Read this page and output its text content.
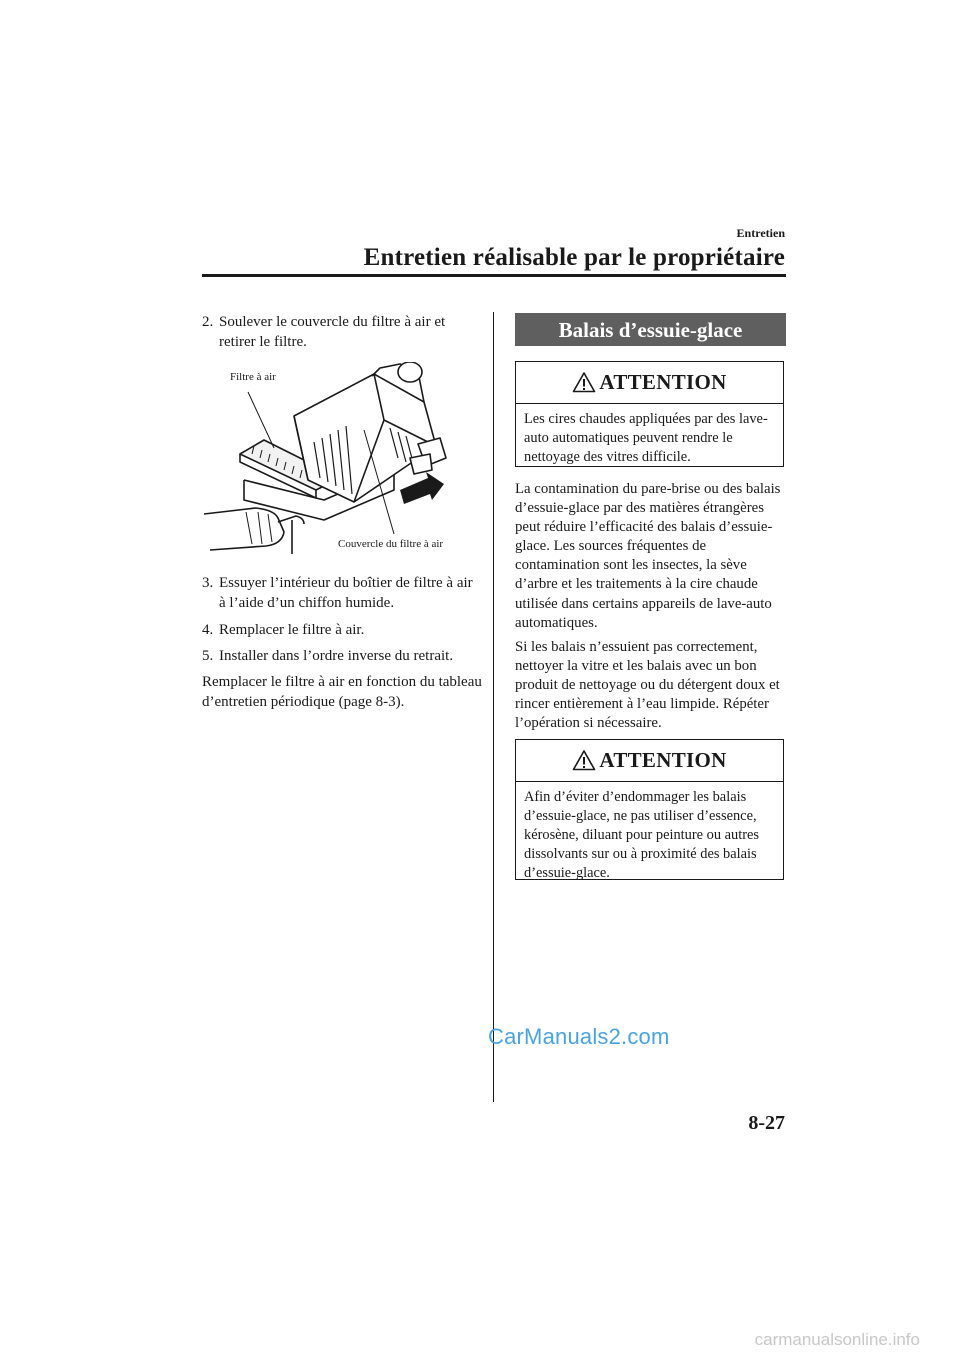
Entretien
Entretien réalisable par le propriétaire
2. Soulever le couvercle du filtre à air et retirer le filtre.
Filtre à air
Couvercle du filtre à air
3. Essuyer l’intérieur du boîtier de filtre à air à l’aide d’un chiffon humide.
4. Remplacer le filtre à air.
5. Installer dans l’ordre inverse du retrait.
Remplacer le filtre à air en fonction du tableau d’entretien périodique (page 8-3).
Balais d’essuie-glace
ATTENTION
Les cires chaudes appliquées par des lave-auto automatiques peuvent rendre le nettoyage des vitres difficile.
La contamination du pare-brise ou des balais d’essuie-glace par des matières étrangères peut réduire l’efficacité des balais d’essuie-glace. Les sources fréquentes de contamination sont les insectes, la sève d’arbre et les traitements à la cire chaude utilisée dans certains appareils de lave-auto automatiques.
Si les balais n’essuient pas correctement, nettoyer la vitre et les balais avec un bon produit de nettoyage ou du détergent doux et rincer entièrement à l’eau limpide. Répéter l’opération si nécessaire.
ATTENTION
Afin d’éviter d’endommager les balais d’essuie-glace, ne pas utiliser d’essence, kérosène, diluant pour peinture ou autres dissolvants sur ou à proximité des balais d’essuie-glace.
CarManuals2.com
8-27
carmanualsonline.info
